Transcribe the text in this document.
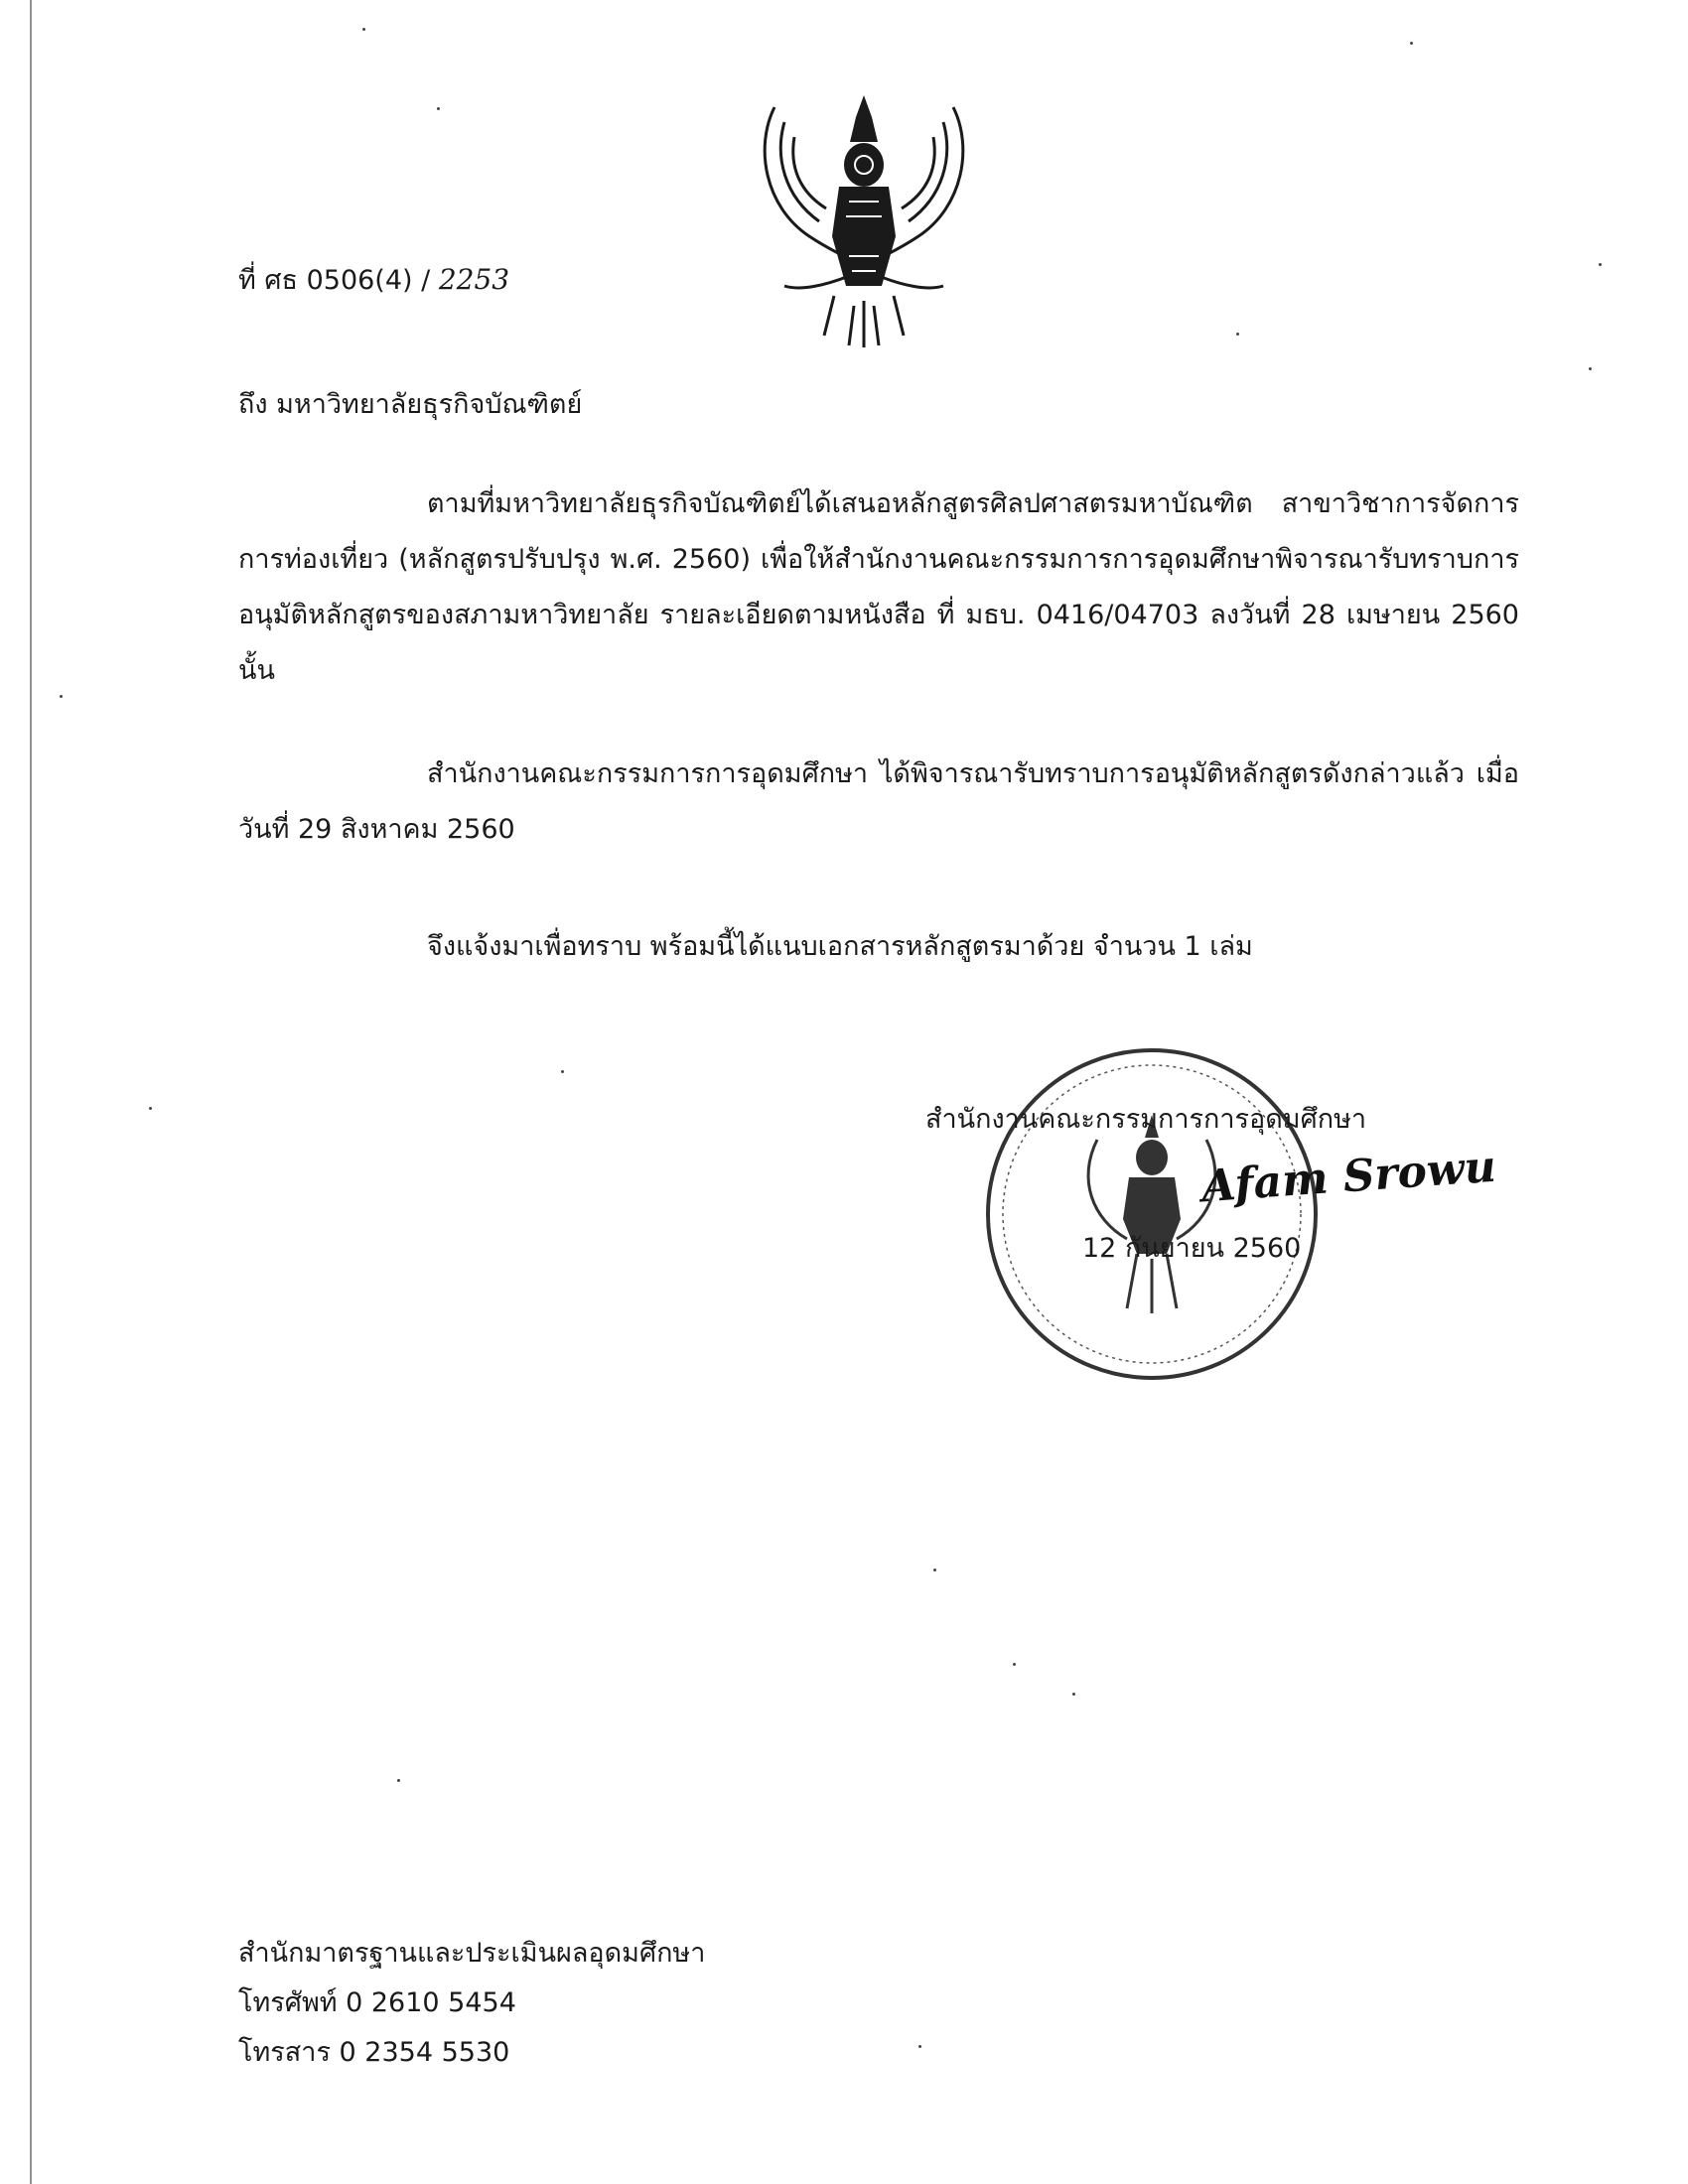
ที่ ศธ 0506(4) / 2253
ถึง มหาวิทยาลัยธุรกิจบัณฑิตย์
ตามที่มหาวิทยาลัยธุรกิจบัณฑิตย์ได้เสนอหลักสูตรศิลปศาสตรมหาบัณฑิต สาขาวิชาการจัดการการท่องเที่ยว (หลักสูตรปรับปรุง พ.ศ. 2560) เพื่อให้สำนักงานคณะกรรมการการอุดมศึกษาพิจารณารับทราบการอนุมัติหลักสูตรของสภามหาวิทยาลัย รายละเอียดตามหนังสือ ที่ มธบ. 0416/04703 ลงวันที่ 28 เมษายน 2560 นั้น
สำนักงานคณะกรรมการการอุดมศึกษา ได้พิจารณารับทราบการอนุมัติหลักสูตรดังกล่าวแล้ว เมื่อวันที่ 29 สิงหาคม 2560
จึงแจ้งมาเพื่อทราบ พร้อมนี้ได้แนบเอกสารหลักสูตรมาด้วย จำนวน 1 เล่ม
สำนักงานคณะกรรมการการอุดมศึกษา
Afam Srowu
12 กันยายน 2560
สำนักมาตรฐานและประเมินผลอุดมศึกษา
โทรศัพท์ 0 2610 5454
โทรสาร 0 2354 5530
